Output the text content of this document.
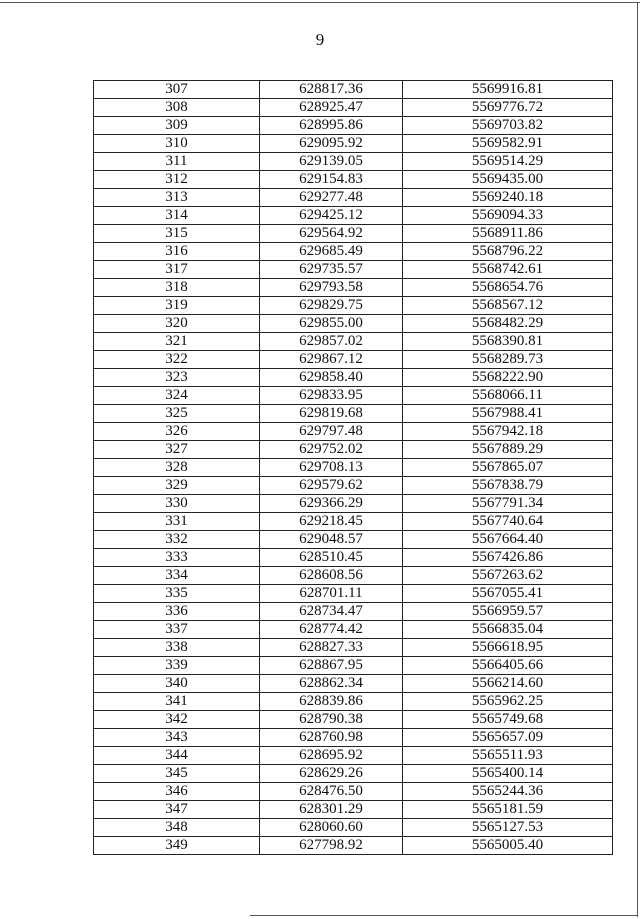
9
307	628817.36	5569916.81
308	628925.47	5569776.72
309	628995.86	5569703.82
310	629095.92	5569582.91
311	629139.05	5569514.29
312	629154.83	5569435.00
313	629277.48	5569240.18
314	629425.12	5569094.33
315	629564.92	5568911.86
316	629685.49	5568796.22
317	629735.57	5568742.61
318	629793.58	5568654.76
319	629829.75	5568567.12
320	629855.00	5568482.29
321	629857.02	5568390.81
322	629867.12	5568289.73
323	629858.40	5568222.90
324	629833.95	5568066.11
325	629819.68	5567988.41
326	629797.48	5567942.18
327	629752.02	5567889.29
328	629708.13	5567865.07
329	629579.62	5567838.79
330	629366.29	5567791.34
331	629218.45	5567740.64
332	629048.57	5567664.40
333	628510.45	5567426.86
334	628608.56	5567263.62
335	628701.11	5567055.41
336	628734.47	5566959.57
337	628774.42	5566835.04
338	628827.33	5566618.95
339	628867.95	5566405.66
340	628862.34	5566214.60
341	628839.86	5565962.25
342	628790.38	5565749.68
343	628760.98	5565657.09
344	628695.92	5565511.93
345	628629.26	5565400.14
346	628476.50	5565244.36
347	628301.29	5565181.59
348	628060.60	5565127.53
349	627798.92	5565005.40
